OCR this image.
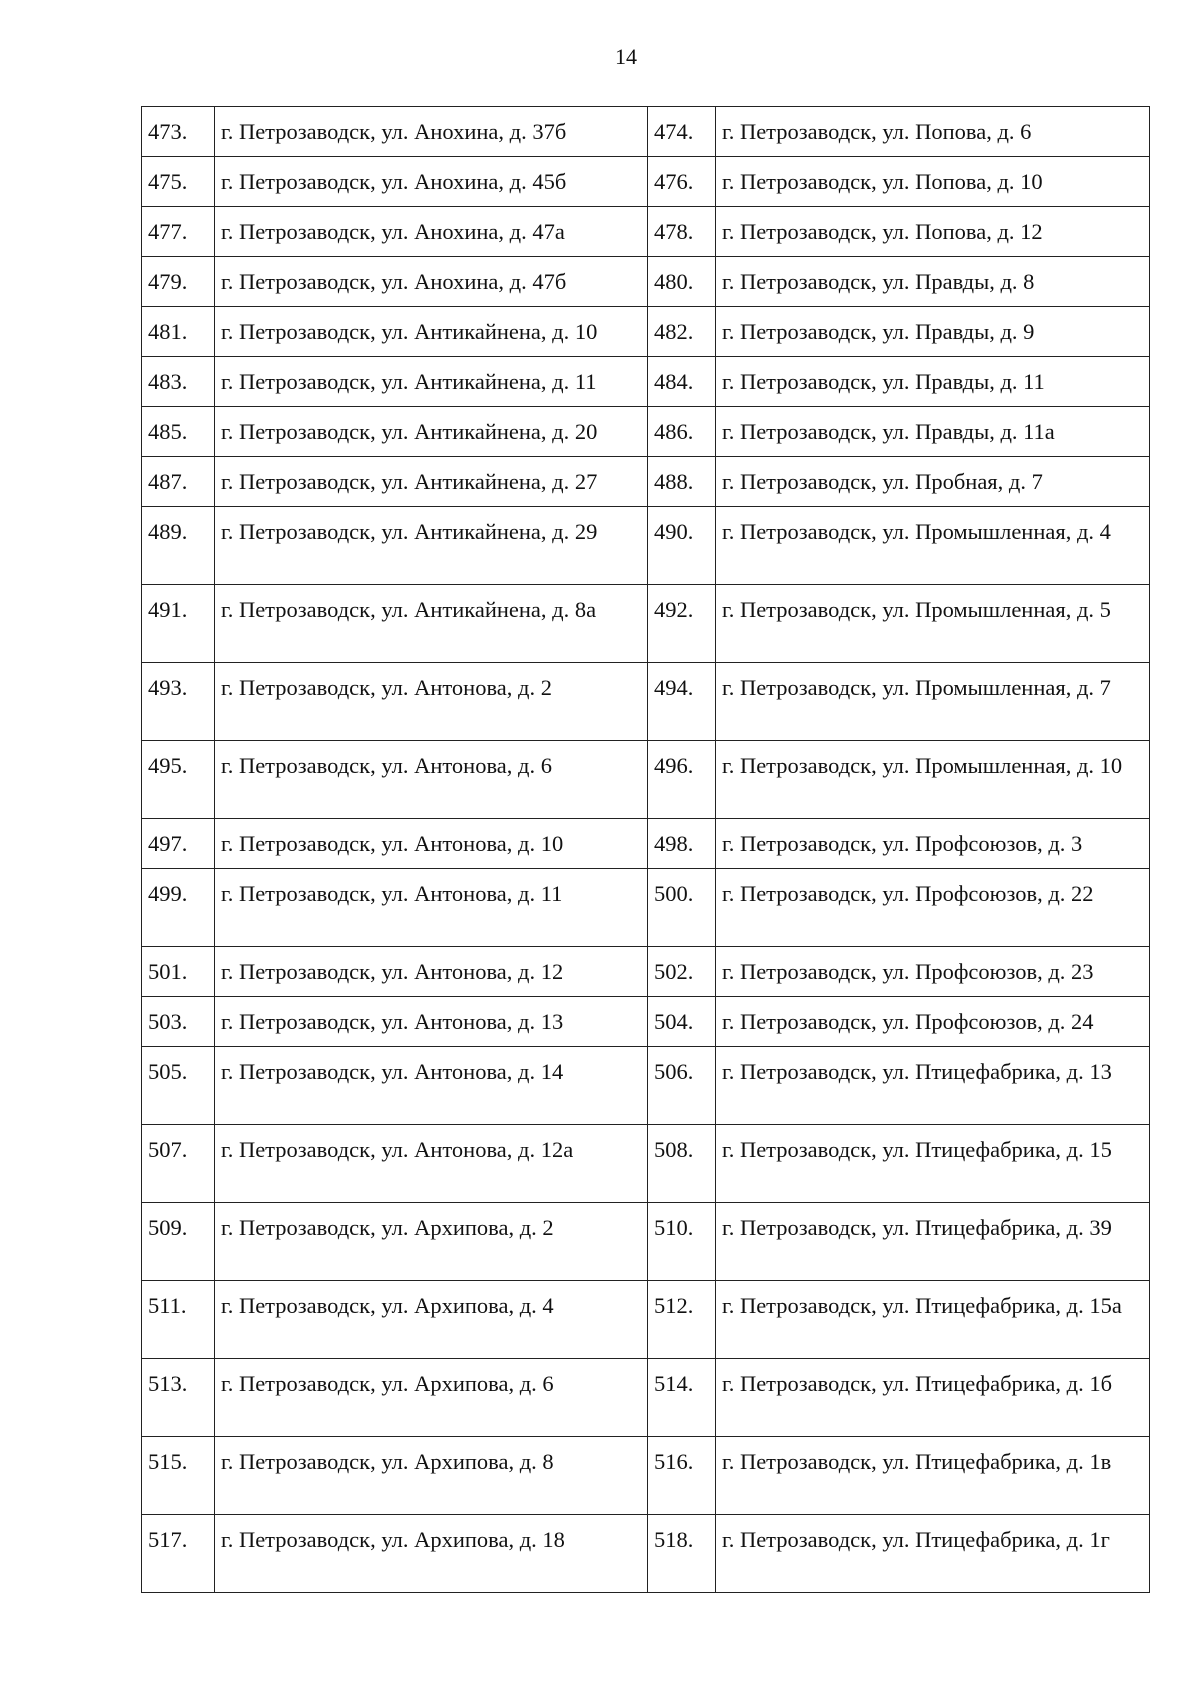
14
473.	г. Петрозаводск, ул. Анохина, д. 37б	474.	г. Петрозаводск, ул. Попова, д. 6
475.	г. Петрозаводск, ул. Анохина, д. 45б	476.	г. Петрозаводск, ул. Попова, д. 10
477.	г. Петрозаводск, ул. Анохина, д. 47а	478.	г. Петрозаводск, ул. Попова, д. 12
479.	г. Петрозаводск, ул. Анохина, д. 47б	480.	г. Петрозаводск, ул. Правды, д. 8
481.	г. Петрозаводск, ул. Антикайнена, д. 10	482.	г. Петрозаводск, ул. Правды, д. 9
483.	г. Петрозаводск, ул. Антикайнена, д. 11	484.	г. Петрозаводск, ул. Правды, д. 11
485.	г. Петрозаводск, ул. Антикайнена, д. 20	486.	г. Петрозаводск, ул. Правды, д. 11а
487.	г. Петрозаводск, ул. Антикайнена, д. 27	488.	г. Петрозаводск, ул. Пробная, д. 7
489.	г. Петрозаводск, ул. Антикайнена, д. 29	490.	г. Петрозаводск, ул. Промышленная, д. 4
491.	г. Петрозаводск, ул. Антикайнена, д. 8а	492.	г. Петрозаводск, ул. Промышленная, д. 5
493.	г. Петрозаводск, ул. Антонова, д. 2	494.	г. Петрозаводск, ул. Промышленная, д. 7
495.	г. Петрозаводск, ул. Антонова, д. 6	496.	г. Петрозаводск, ул. Промышленная, д. 10
497.	г. Петрозаводск, ул. Антонова, д. 10	498.	г. Петрозаводск, ул. Профсоюзов, д. 3
499.	г. Петрозаводск, ул. Антонова, д. 11	500.	г. Петрозаводск, ул. Профсоюзов, д. 22
501.	г. Петрозаводск, ул. Антонова, д. 12	502.	г. Петрозаводск, ул. Профсоюзов, д. 23
503.	г. Петрозаводск, ул. Антонова, д. 13	504.	г. Петрозаводск, ул. Профсоюзов, д. 24
505.	г. Петрозаводск, ул. Антонова, д. 14	506.	г. Петрозаводск, ул. Птицефабрика, д. 13
507.	г. Петрозаводск, ул. Антонова, д. 12а	508.	г. Петрозаводск, ул. Птицефабрика, д. 15
509.	г. Петрозаводск, ул. Архипова, д. 2	510.	г. Петрозаводск, ул. Птицефабрика, д. 39
511.	г. Петрозаводск, ул. Архипова, д. 4	512.	г. Петрозаводск, ул. Птицефабрика, д. 15а
513.	г. Петрозаводск, ул. Архипова, д. 6	514.	г. Петрозаводск, ул. Птицефабрика, д. 1б
515.	г. Петрозаводск, ул. Архипова, д. 8	516.	г. Петрозаводск, ул. Птицефабрика, д. 1в
517.	г. Петрозаводск, ул. Архипова, д. 18	518.	г. Петрозаводск, ул. Птицефабрика, д. 1г
